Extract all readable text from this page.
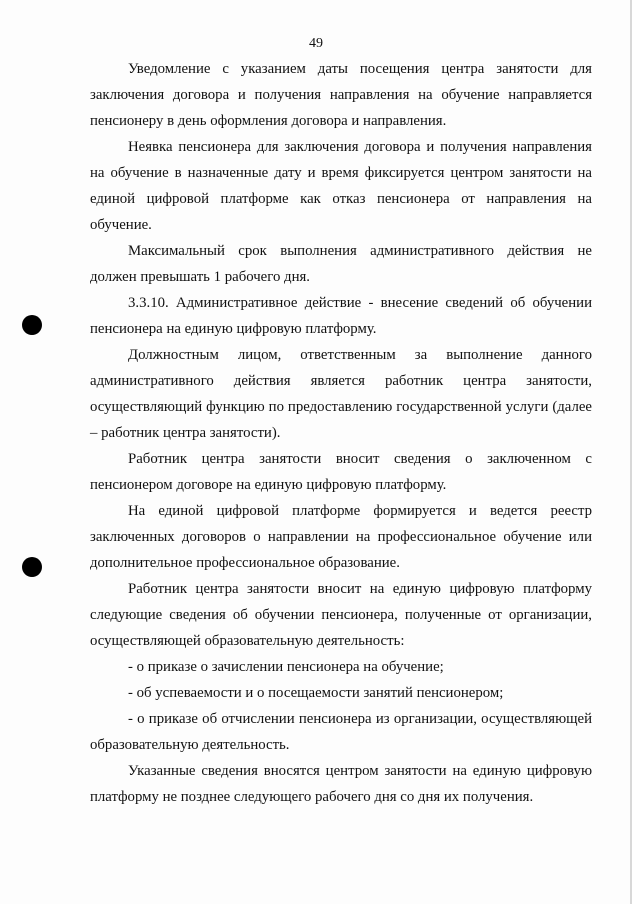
49

Уведомление с указанием даты посещения центра занятости для заключения договора и получения направления на обучение направляется пенсионеру в день оформления договора и направления.

Неявка пенсионера для заключения договора и получения направления на обучение в назначенные дату и время фиксируется центром занятости на единой цифровой платформе как отказ пенсионера от направления на обучение.

Максимальный срок выполнения административного действия не должен превышать 1 рабочего дня.

3.3.10. Административное действие - внесение сведений об обучении пенсионера на единую цифровую платформу.

Должностным лицом, ответственным за выполнение данного административного действия является работник центра занятости, осуществляющий функцию по предоставлению государственной услуги (далее – работник центра занятости).

Работник центра занятости вносит сведения о заключенном с пенсионером договоре на единую цифровую платформу.

На единой цифровой платформе формируется и ведется реестр заключенных договоров о направлении на профессиональное обучение или дополнительное профессиональное образование.

Работник центра занятости вносит на единую цифровую платформу следующие сведения об обучении пенсионера, полученные от организации, осуществляющей образовательную деятельность:

- о приказе о зачислении пенсионера на обучение;

- об успеваемости и о посещаемости занятий пенсионером;

- о приказе об отчислении пенсионера из организации, осуществляющей образовательную деятельность.

Указанные сведения вносятся центром занятости на единую цифровую платформу не позднее следующего рабочего дня со дня их получения.
